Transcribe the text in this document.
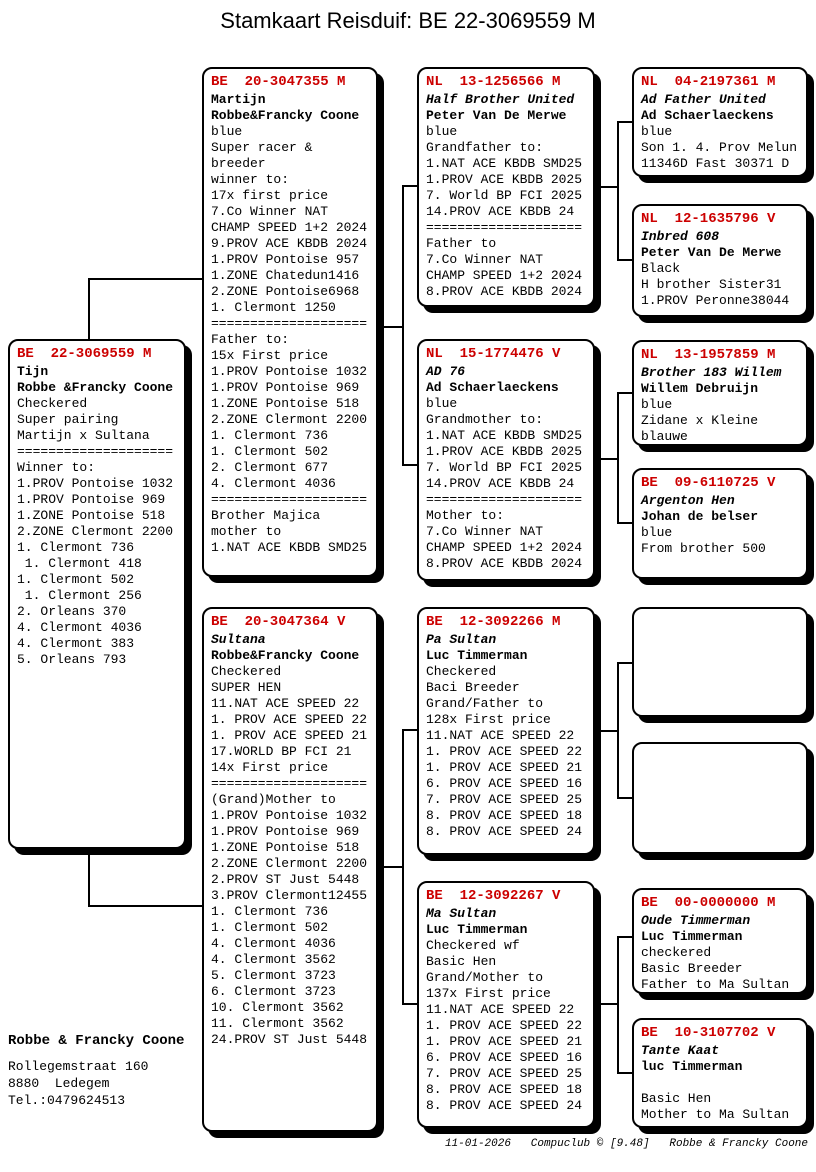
Stamkaart Reisduif: BE 22-3069559 M
BE  22-3069559 M
Tijn
Robbe &Francky Coone
Checkered
Super pairing
Martijn x Sultana
====================
Winner to:
1.PROV Pontoise 1032
1.PROV Pontoise 969
1.ZONE Pontoise 518
2.ZONE Clermont 2200
1. Clermont 736
1. Clermont 418
1. Clermont 502
1. Clermont 256
2. Orleans 370
4. Clermont 4036
4. Clermont 383
5. Orleans 793
BE  20-3047355 M
Martijn
Robbe&Francky Coone
blue
Super racer &
breeder
winner to:
17x first price
7.Co Winner NAT
CHAMP SPEED 1+2 2024
9.PROV ACE KBDB 2024
1.PROV Pontoise 957
1.ZONE Chatedun1416
2.ZONE Pontoise6968
1. Clermont 1250
====================
Father to:
15x First price
1.PROV Pontoise 1032
1.PROV Pontoise 969
1.ZONE Pontoise 518
2.ZONE Clermont 2200
1. Clermont 736
1. Clermont 502
2. Clermont 677
4. Clermont 4036
====================
Brother Majica
mother to
1.NAT ACE KBDB SMD25
BE  20-3047364 V
Sultana
Robbe&Francky Coone
Checkered
SUPER HEN
11.NAT ACE SPEED 22
1. PROV ACE SPEED 22
1. PROV ACE SPEED 21
17.WORLD BP FCI 21
14x First price
====================
(Grand)Mother to
1.PROV Pontoise 1032
1.PROV Pontoise 969
1.ZONE Pontoise 518
2.ZONE Clermont 2200
2.PROV ST Just 5448
3.PROV Clermont12455
1. Clermont 736
1. Clermont 502
4. Clermont 4036
4. Clermont 3562
5. Clermont 3723
6. Clermont 3723
10. Clermont 3562
11. Clermont 3562
24.PROV ST Just 5448
NL  13-1256566 M
Half Brother United
Peter Van De Merwe
blue
Grandfather to:
1.NAT ACE KBDB SMD25
1.PROV ACE KBDB 2025
7. World BP FCI 2025
14.PROV ACE KBDB 24
====================
Father to
7.Co Winner NAT
CHAMP SPEED 1+2 2024
8.PROV ACE KBDB 2024
NL  15-1774476 V
AD 76
Ad Schaerlaeckens
blue
Grandmother to:
1.NAT ACE KBDB SMD25
1.PROV ACE KBDB 2025
7. World BP FCI 2025
14.PROV ACE KBDB 24
====================
Mother to:
7.Co Winner NAT
CHAMP SPEED 1+2 2024
8.PROV ACE KBDB 2024
BE  12-3092266 M
Pa Sultan
Luc Timmerman
Checkered
Baci Breeder
Grand/Father to
128x First price
11.NAT ACE SPEED 22
1. PROV ACE SPEED 22
1. PROV ACE SPEED 21
6. PROV ACE SPEED 16
7. PROV ACE SPEED 25
8. PROV ACE SPEED 18
8. PROV ACE SPEED 24
BE  12-3092267 V
Ma Sultan
Luc Timmerman
Checkered wf
Basic Hen
Grand/Mother to
137x First price
11.NAT ACE SPEED 22
1. PROV ACE SPEED 22
1. PROV ACE SPEED 21
6. PROV ACE SPEED 16
7. PROV ACE SPEED 25
8. PROV ACE SPEED 18
8. PROV ACE SPEED 24
NL  04-2197361 M
Ad Father United
Ad Schaerlaeckens
blue
Son 1. 4. Prov Melun
11346D Fast 30371 D
NL  12-1635796 V
Inbred 608
Peter Van De Merwe
Black
H brother Sister31
1.PROV Peronne38044
NL  13-1957859 M
Brother 183 Willem
Willem Debruijn
blue
Zidane x Kleine
blauwe
BE  09-6110725 V
Argenton Hen
Johan de belser
blue
From brother 500
BE  00-0000000 M
Oude Timmerman
Luc Timmerman
checkered
Basic Breeder
Father to Ma Sultan
BE  10-3107702 V
Tante Kaat
luc Timmerman

Basic Hen
Mother to Ma Sultan
Robbe & Francky Coone
Rollegemstraat 160
8880  Ledegem
Tel.:0479624513
11-01-2026   Compuclub © [9.48]   Robbe & Francky Coone
